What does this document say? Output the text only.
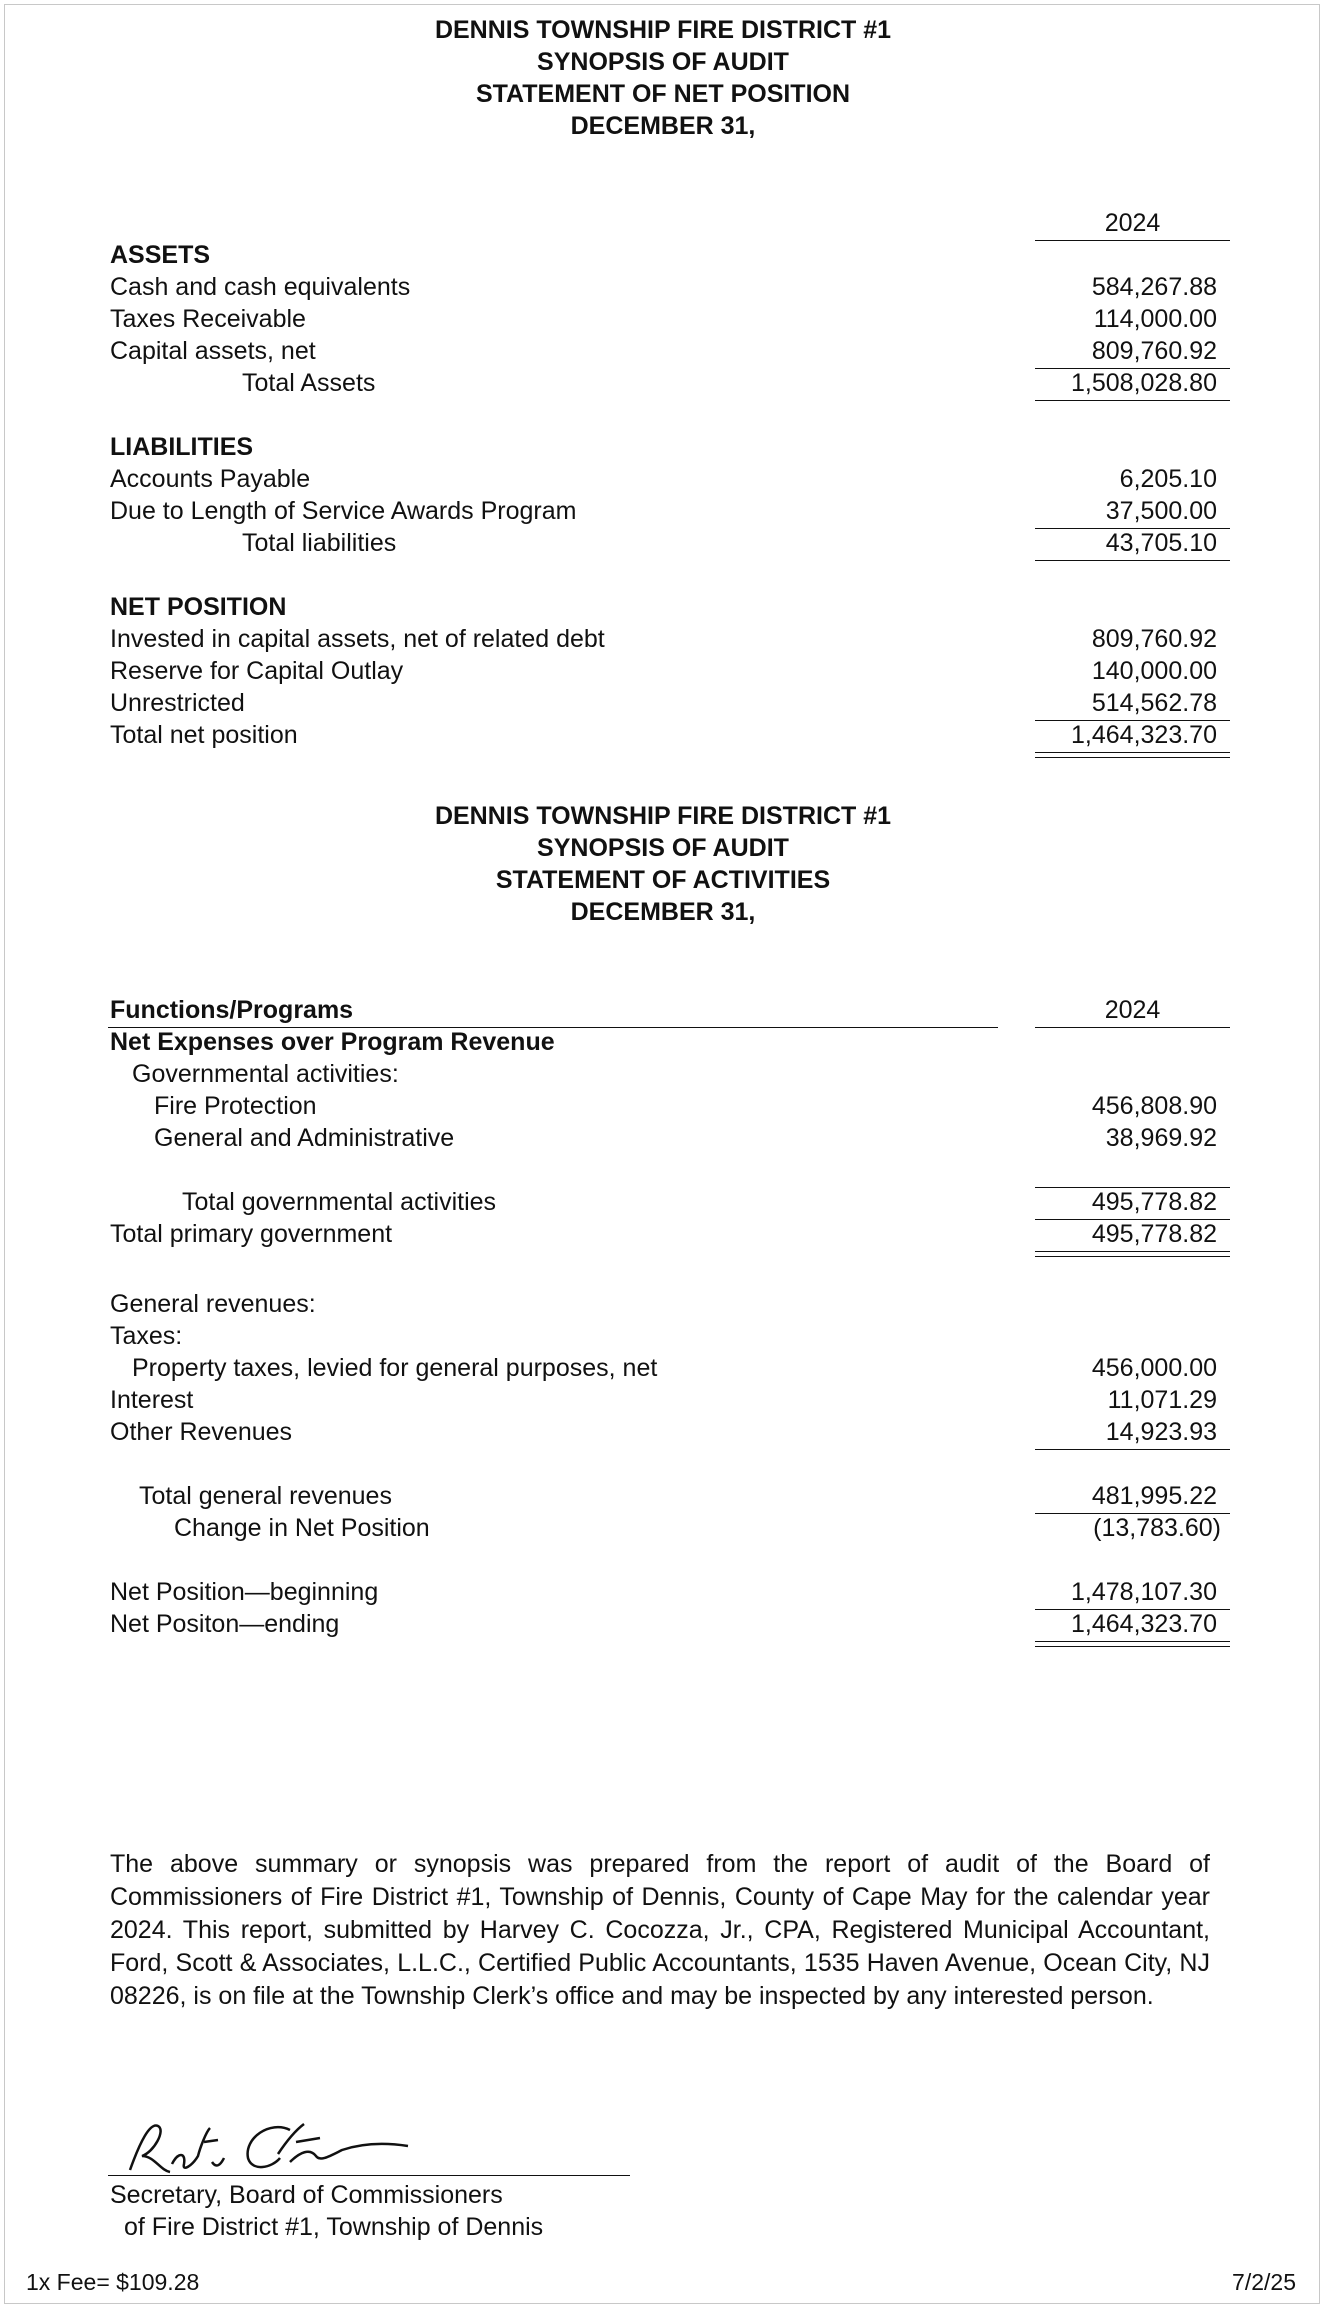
DENNIS TOWNSHIP FIRE DISTRICT #1
SYNOPSIS OF AUDIT
STATEMENT OF NET POSITION
DECEMBER 31,
2024
ASSETS
Cash and cash equivalents	584,267.88
Taxes Receivable	114,000.00
Capital assets, net	809,760.92
Total Assets	1,508,028.80
LIABILITIES
Accounts Payable	6,205.10
Due to Length of Service Awards Program	37,500.00
Total liabilities	43,705.10
NET POSITION
Invested in capital assets, net of related debt	809,760.92
Reserve for Capital Outlay	140,000.00
Unrestricted	514,562.78
Total net position	1,464,323.70
DENNIS TOWNSHIP FIRE DISTRICT #1
SYNOPSIS OF AUDIT
STATEMENT OF ACTIVITIES
DECEMBER 31,
Functions/Programs	2024
Net Expenses over Program Revenue
Governmental activities:
Fire Protection	456,808.90
General and Administrative	38,969.92
Total governmental activities	495,778.82
Total primary government	495,778.82
General revenues:
Taxes:
Property taxes, levied for general purposes, net	456,000.00
Interest	11,071.29
Other Revenues	14,923.93
Total general revenues	481,995.22
Change in Net Position	(13,783.60)
Net Position—beginning	1,478,107.30
Net Positon—ending	1,464,323.70
The above summary or synopsis was prepared from the report of audit of the Board of Commissioners of Fire District #1, Township of Dennis, County of Cape May for the calendar year 2024. This report, submitted by Harvey C. Cocozza, Jr., CPA, Registered Municipal Accountant, Ford, Scott & Associates, L.L.C., Certified Public Accountants, 1535 Haven Avenue, Ocean City, NJ 08226, is on file at the Township Clerk’s office and may be inspected by any interested person.
Secretary, Board of Commissioners
of Fire District #1, Township of Dennis
1x Fee= $109.28	7/2/25
